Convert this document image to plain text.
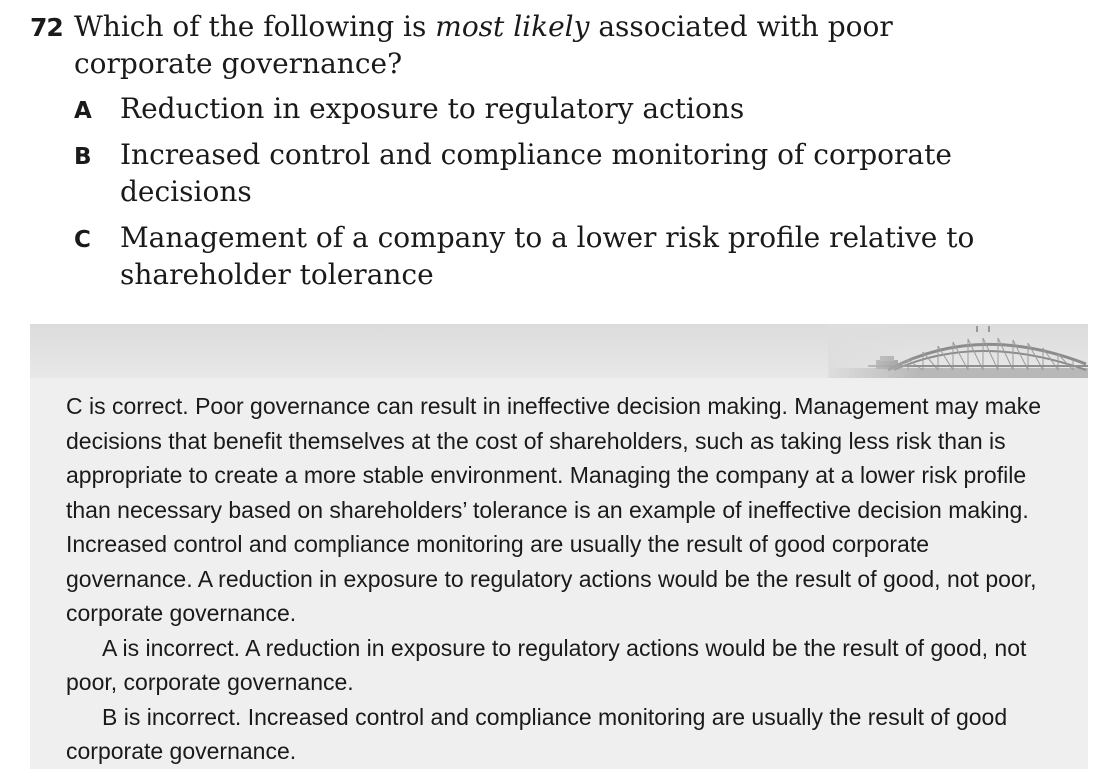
72 Which of the following is most likely associated with poor corporate governance?
A	Reduction in exposure to regulatory actions
B	Increased control and compliance monitoring of corporate decisions
C	Management of a company to a lower risk profile relative to shareholder tolerance

C is correct. Poor governance can result in ineffective decision making. Management may make decisions that benefit themselves at the cost of shareholders, such as taking less risk than is appropriate to create a more stable environment. Managing the company at a lower risk profile than necessary based on shareholders’ tolerance is an example of ineffective decision making. Increased control and compliance monitoring are usually the result of good corporate governance. A reduction in exposure to regulatory actions would be the result of good, not poor, corporate governance.

A is incorrect. A reduction in exposure to regulatory actions would be the result of good, not poor, corporate governance.

B is incorrect. Increased control and compliance monitoring are usually the result of good corporate governance.
